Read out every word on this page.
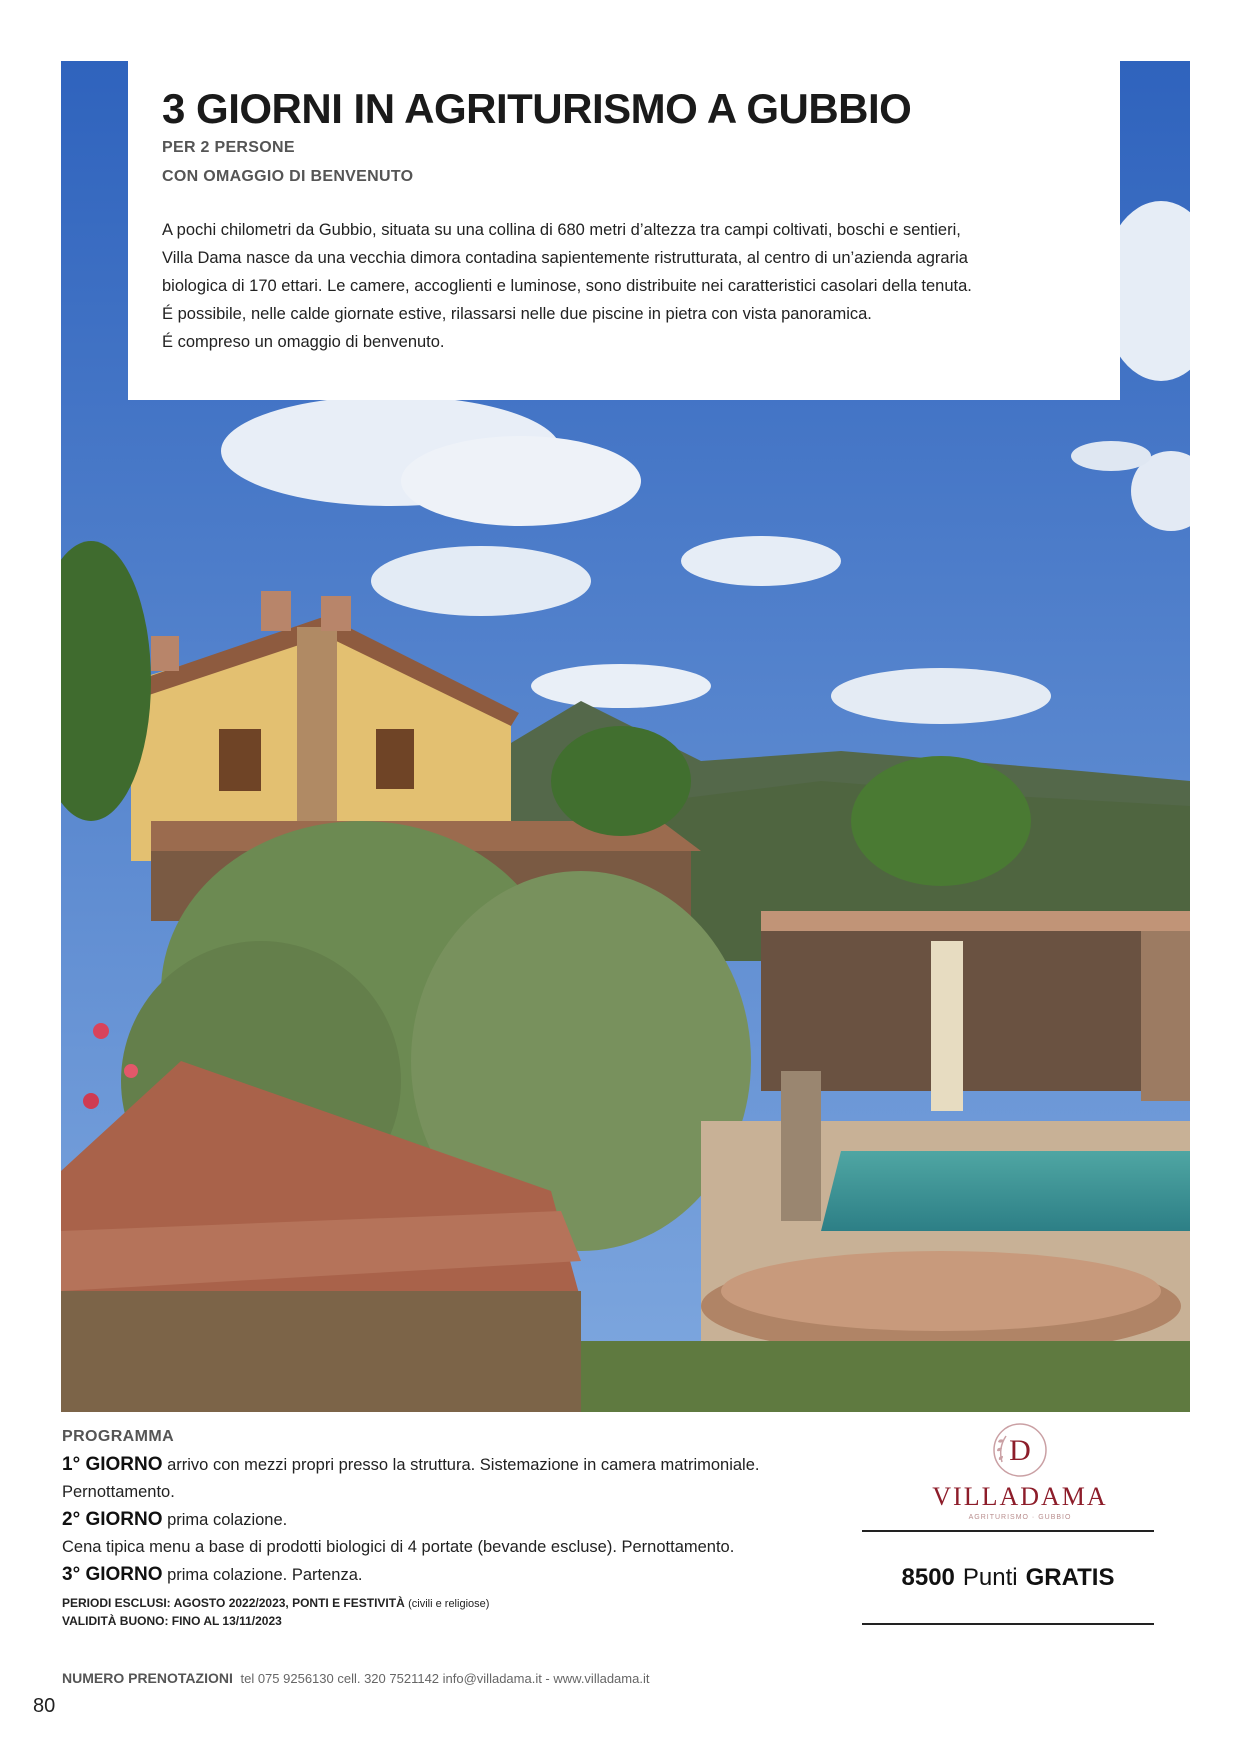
3 GIORNI IN AGRITURISMO A GUBBIO
PER 2 PERSONE
CON OMAGGIO DI BENVENUTO
A pochi chilometri da Gubbio, situata su una collina di 680 metri d’altezza tra campi coltivati, boschi e sentieri,
Villa Dama nasce da una vecchia dimora contadina sapientemente ristrutturata, al centro di un’azienda agraria
biologica di 170 ettari. Le camere, accoglienti e luminose, sono distribuite nei caratteristici casolari della tenuta.
É possibile, nelle calde giornate estive, rilassarsi nelle due piscine in pietra con vista panoramica.
É compreso un omaggio di benvenuto.
PROGRAMMA
1° GIORNO arrivo con mezzi propri presso la struttura. Sistemazione in camera matrimoniale.
Pernottamento.
2° GIORNO prima colazione.
Cena tipica menu a base di prodotti biologici di 4 portate (bevande escluse). Pernottamento.
3° GIORNO prima colazione. Partenza.
PERIODI ESCLUSI: AGOSTO 2022/2023, PONTI E FESTIVITÀ (civili e religiose)
VALIDITÀ BUONO: FINO AL 13/11/2023
D
VILLADAMA
AGRITURISMO · GUBBIO
8500 Punti GRATIS
NUMERO PRENOTAZIONI tel 075 9256130 cell. 320 7521142 info@villadama.it - www.villadama.it
80
